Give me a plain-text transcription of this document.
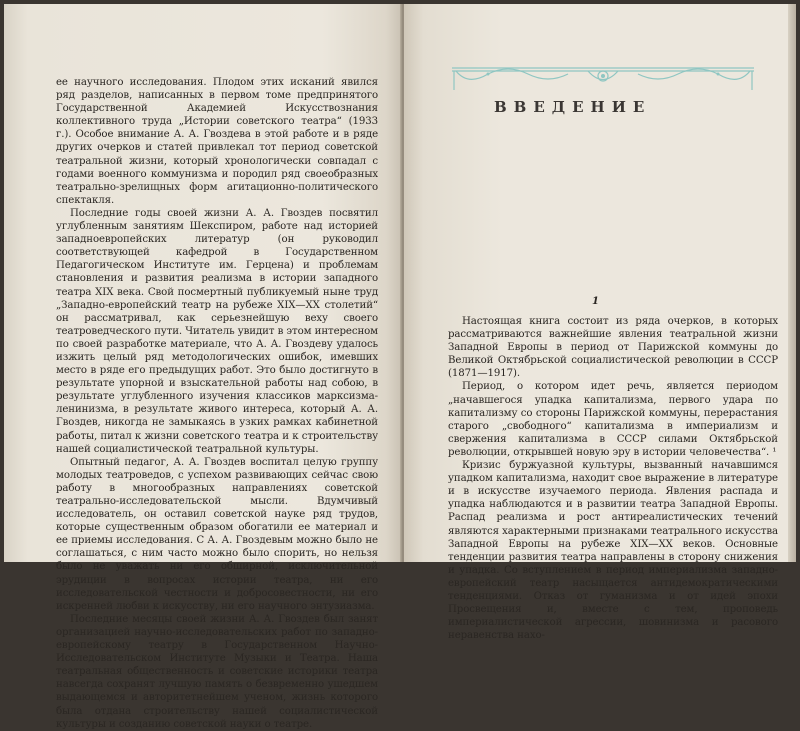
ее научного исследования. Плодом этих исканий явился ряд разделов, написанных в первом томе предпринятого Государственной Академией Искусствознания коллективного труда „Истории советского театра“ (1933 г.). Особое внимание А. А. Гвоздева в этой работе и в ряде других очерков и статей привлекал тот период советской театральной жизни, который хронологически совпадал с годами военного коммунизма и породил ряд своеобразных театрально-зрелищных форм агитационно-политического спектакля.

Последние годы своей жизни А. А. Гвоздев посвятил углубленным занятиям Шекспиром, работе над историей западноевропейских литератур (он руководил соответствующей кафедрой в Государственном Педагогическом Институте им. Герцена) и проблемам становления и развития реализма в истории западного театра XIX века. Свой посмертный публикуемый ныне труд „Западно-европейский театр на рубеже XIX—XX столетий“ он рассматривал, как серьезнейшую веху своего театроведческого пути. Читатель увидит в этом интересном по своей разработке материале, что А. А. Гвоздеву удалось изжить целый ряд методологических ошибок, имевших место в ряде его предыдущих работ. Это было достигнуто в результате упорной и взыскательной работы над собою, в результате углубленного изучения классиков марксизма-ленинизма, в результате живого интереса, который А. А. Гвоздев, никогда не замыкаясь в узких рамках кабинетной работы, питал к жизни советского театра и к строительству нашей социалистической театральной культуры.

Опытный педагог, А. А. Гвоздев воспитал целую группу молодых театроведов, с успехом развивающих сейчас свою работу в многообразных направлениях советской театрально-исследовательской мысли. Вдумчивый исследователь, он оставил советской науке ряд трудов, которые существенным образом обогатили ее материал и ее приемы исследования. С А. А. Гвоздевым можно было не соглашаться, с ним часто можно было спорить, но нельзя было не уважать ни его обширной, исключительной эрудиции в вопросах истории театра, ни его исследовательской честности и добросовестности, ни его искренней любви к искусству, ни его научного энтузиазма.

Последние месяцы своей жизни А. А. Гвоздев был занят организацией научно-исследовательских работ по западно-европейскому театру в Государственном Научно-Исследовательском Институте Музыки и Театра. Наша театральная общественность и советские историки театра навсегда сохранят лучшую память о безвременно ушедшем выдающемся и авторитетнейшем ученом, жизнь которого была отдана строительству нашей социалистической культуры и созданию советской науки о театре.

ВВЕДЕНИЕ
1

Настоящая книга состоит из ряда очерков, в которых рассматриваются важнейшие явления театральной жизни Западной Европы в период от Парижской коммуны до Великой Октябрьской социалистической революции в СССР (1871—1917).

Период, о котором идет речь, является периодом „начавшегося упадка капитализма, первого удара по капитализму со стороны Парижской коммуны, перерастания старого „свободного“ капитализма в империализм и свержения капитализма в СССР силами Октябрьской революции, открывшей новую эру в истории человечества“. ¹

Кризис буржуазной культуры, вызванный начавшимся упадком капитализма, находит свое выражение в литературе и в искусстве изучаемого периода. Явления распада и упадка наблюдаются и в развитии театра Западной Европы. Распад реализма и рост антиреалистических течений являются характерными признаками театрального искусства Западной Европы на рубеже XIX—XX веков. Основные тенденции развития театра направлены в сторону снижения и упадка. Со вступлением в период империализма западно-европейский театр насыщается антидемократическими тенденциями. Отказ от гуманизма и от идей эпохи Просвещения и, вместе с тем, проповедь империалистической агрессии, шовинизма и расового неравенства нахо-
